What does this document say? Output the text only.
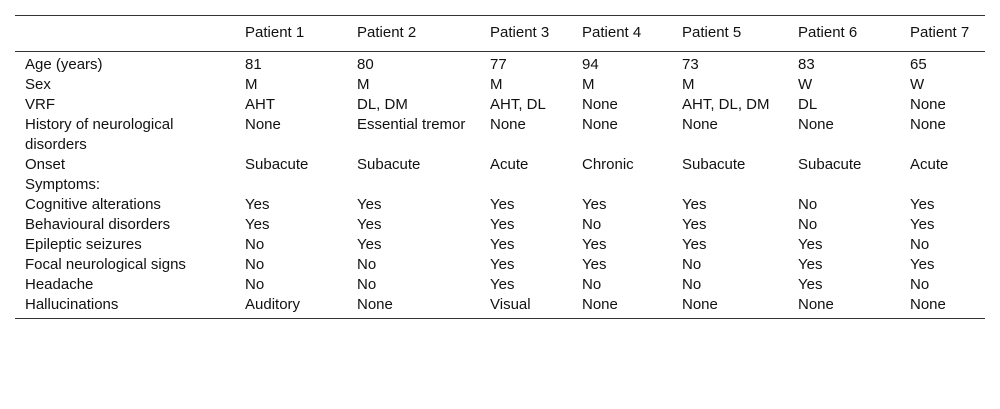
	Patient 1	Patient 2	Patient 3	Patient 4	Patient 5	Patient 6	Patient 7
Age (years)	81	80	77	94	73	83	65
Sex	M	M	M	M	M	W	W
VRF	AHT	DL, DM	AHT, DL	None	AHT, DL, DM	DL	None
History of neurological disorders	None	Essential tremor	None	None	None	None	None
Onset	Subacute	Subacute	Acute	Chronic	Subacute	Subacute	Acute
Symptoms:							
Cognitive alterations	Yes	Yes	Yes	Yes	Yes	No	Yes
Behavioural disorders	Yes	Yes	Yes	No	Yes	No	Yes
Epileptic seizures	No	Yes	Yes	Yes	Yes	Yes	No
Focal neurological signs	No	No	Yes	Yes	No	Yes	Yes
Headache	No	No	Yes	No	No	Yes	No
Hallucinations	Auditory	None	Visual	None	None	None	None
